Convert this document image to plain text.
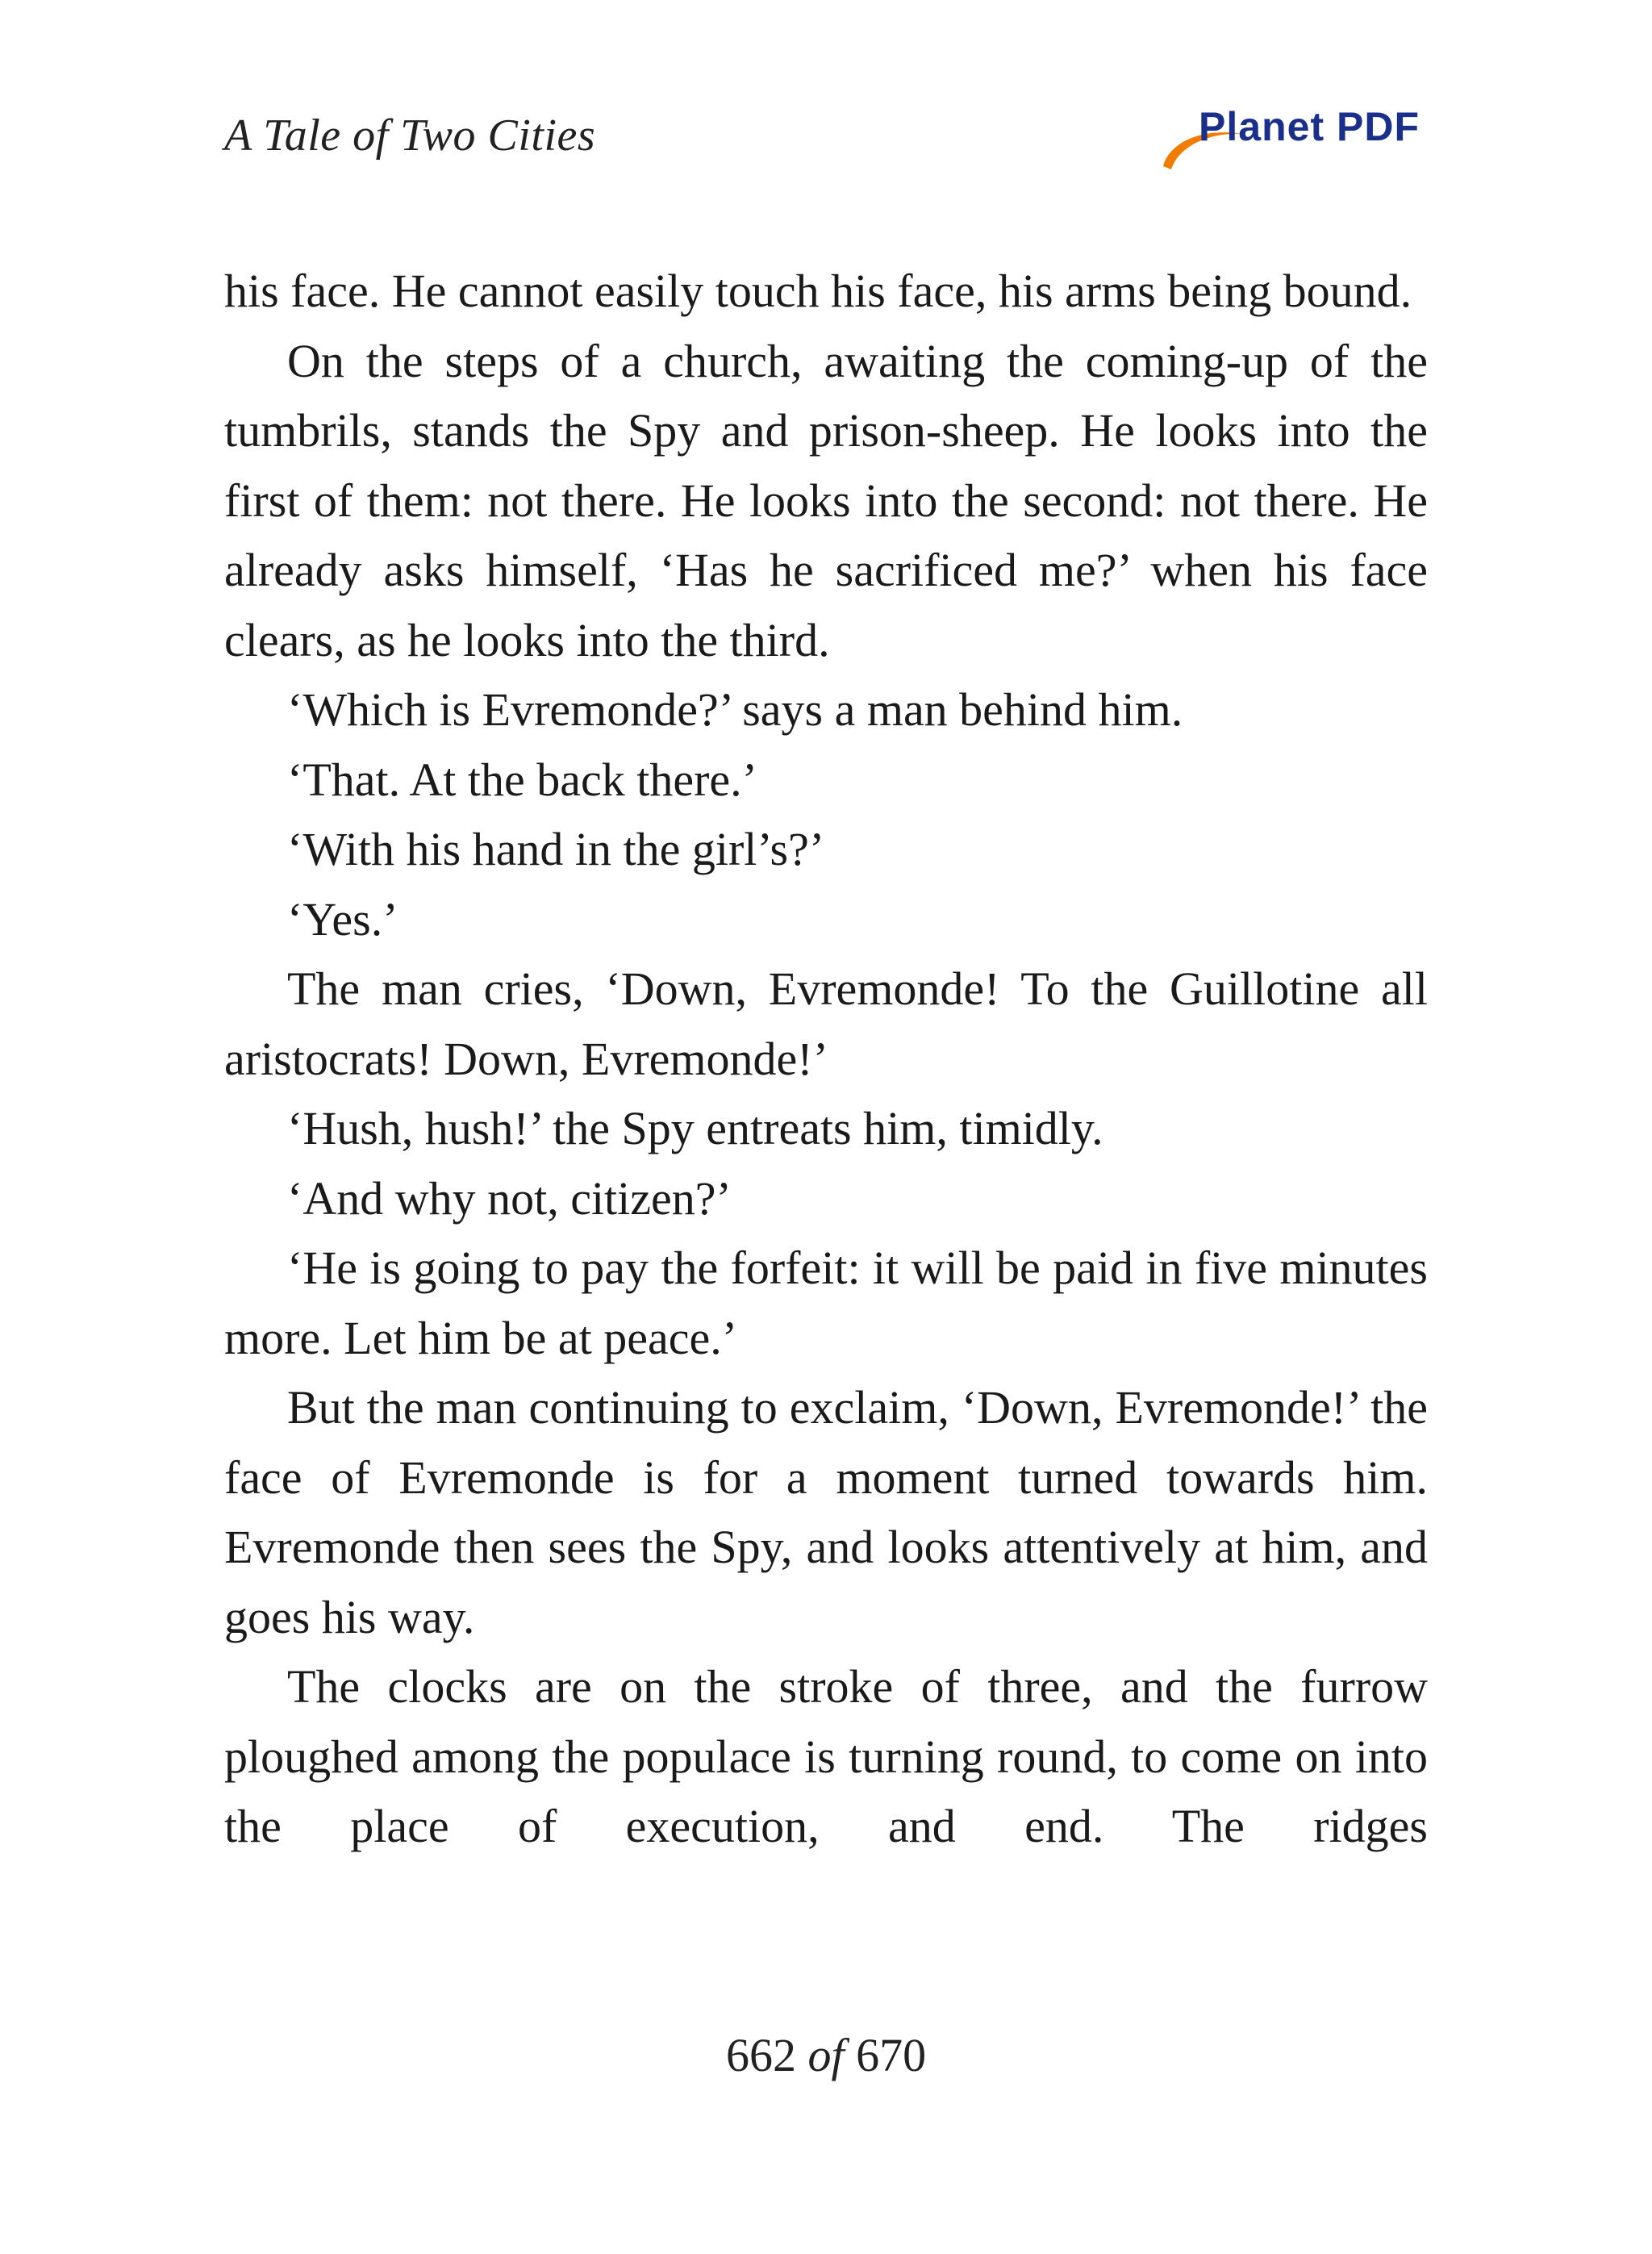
A Tale of Two Cities	Planet PDF

his face. He cannot easily touch his face, his arms being bound.

On the steps of a church, awaiting the coming-up of the tumbrils, stands the Spy and prison-sheep. He looks into the first of them: not there. He looks into the second: not there. He already asks himself, ‘Has he sacrificed me?’ when his face clears, as he looks into the third.

‘Which is Evremonde?’ says a man behind him.

‘That. At the back there.’

‘With his hand in the girl’s?’

‘Yes.’

The man cries, ‘Down, Evremonde! To the Guillotine all aristocrats! Down, Evremonde!’

‘Hush, hush!’ the Spy entreats him, timidly.

‘And why not, citizen?’

‘He is going to pay the forfeit: it will be paid in five minutes more. Let him be at peace.’

But the man continuing to exclaim, ‘Down, Evremonde!’ the face of Evremonde is for a moment turned towards him. Evremonde then sees the Spy, and looks attentively at him, and goes his way.

The clocks are on the stroke of three, and the furrow ploughed among the populace is turning round, to come on into the place of execution, and end. The ridges

662 of 670
